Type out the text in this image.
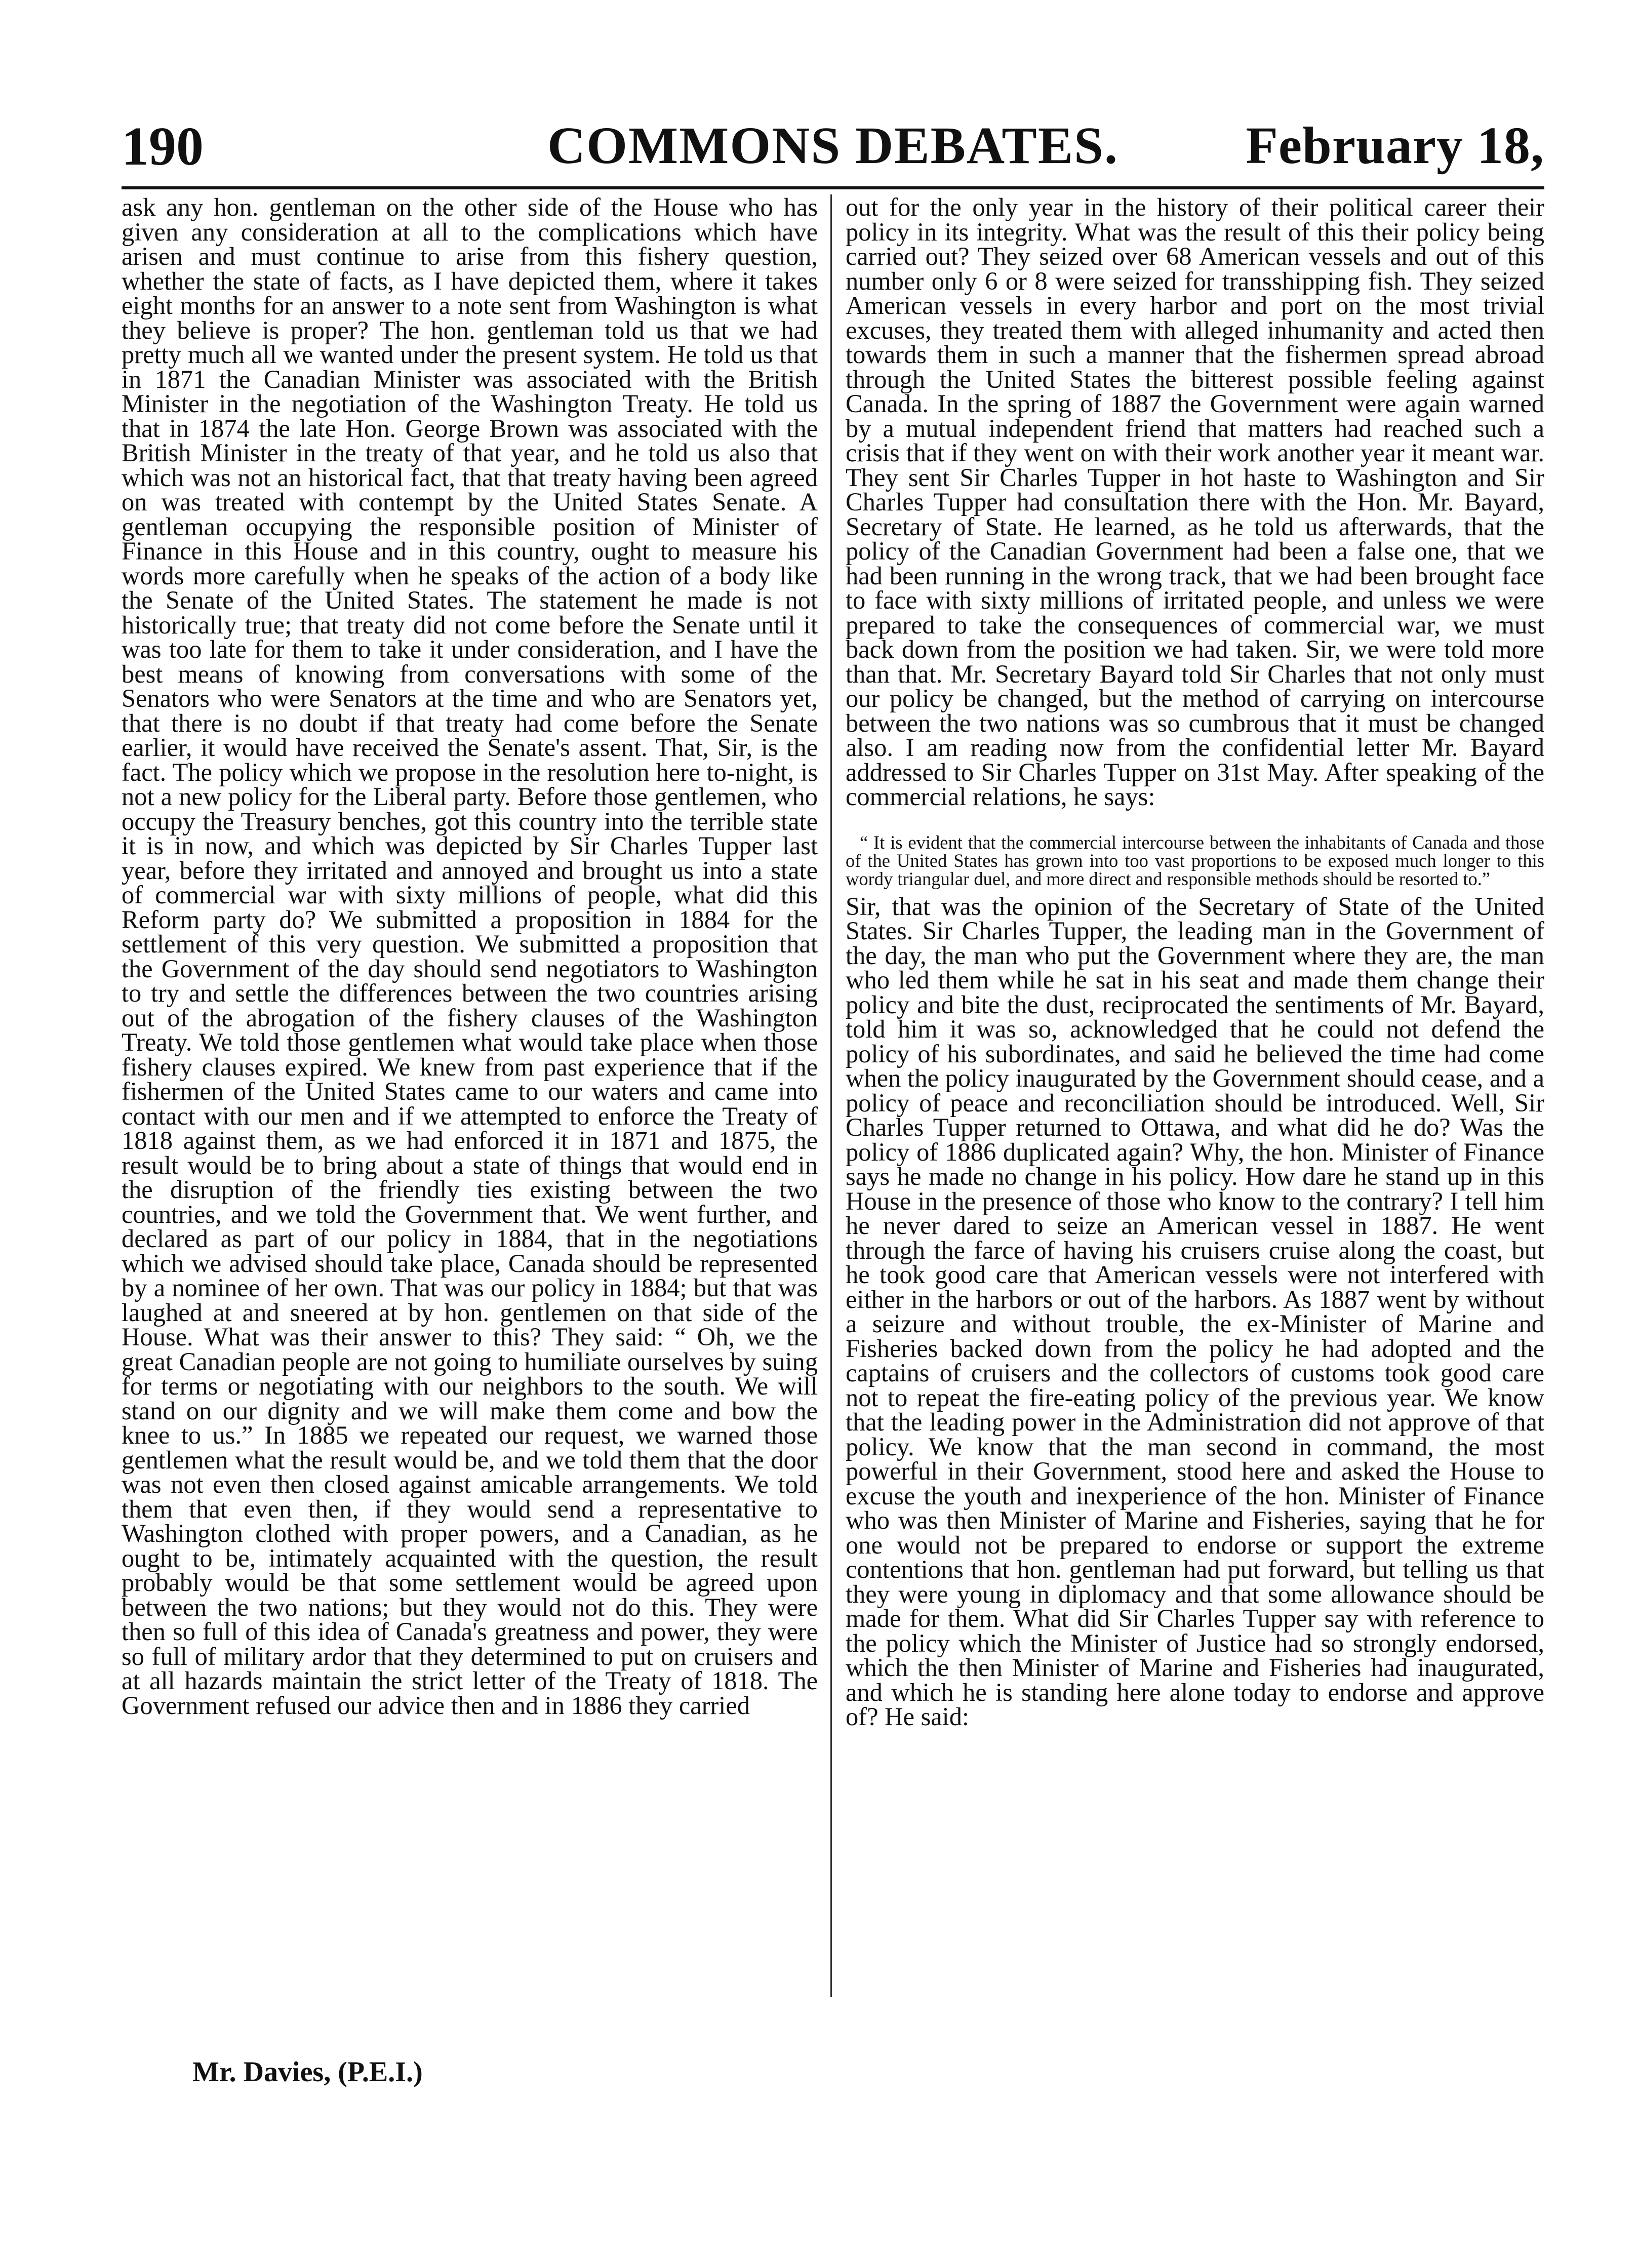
190	COMMONS DEBATES.	February 18,

ask any hon. gentleman on the other side of the House who has given any consideration at all to the complications which have arisen and must continue to arise from this fishery question, whether the state of facts, as I have depicted them, where it takes eight months for an answer to a note sent from Washington is what they believe is proper? The hon. gentleman told us that we had pretty much all we wanted under the present system. He told us that in 1871 the Canadian Minister was associated with the British Minister in the negotiation of the Washington Treaty. He told us that in 1874 the late Hon. George Brown was associated with the British Minister in the treaty of that year, and he told us also that which was not an historical fact, that that treaty having been agreed on was treated with contempt by the United States Senate. A gentleman occupying the responsible position of Minister of Finance in this House and in this country, ought to measure his words more carefully when he speaks of the action of a body like the Senate of the United States. The statement he made is not historically true; that treaty did not come before the Senate until it was too late for them to take it under consideration, and I have the best means of knowing from conversations with some of the Senators who were Senators at the time and who are Senators yet, that there is no doubt if that treaty had come before the Senate earlier, it would have received the Senate's assent. That, Sir, is the fact. The policy which we propose in the resolution here to-night, is not a new policy for the Liberal party. Before those gentlemen, who occupy the Treasury benches, got this country into the terrible state it is in now, and which was depicted by Sir Charles Tupper last year, before they irritated and annoyed and brought us into a state of commercial war with sixty millions of people, what did this Reform party do? We submitted a proposition in 1884 for the settlement of this very question. We submitted a proposition that the Government of the day should send negotiators to Washington to try and settle the differences between the two countries arising out of the abrogation of the fishery clauses of the Washington Treaty. We told those gentlemen what would take place when those fishery clauses expired. We knew from past experience that if the fishermen of the United States came to our waters and came into contact with our men and if we attempted to enforce the Treaty of 1818 against them, as we had enforced it in 1871 and 1875, the result would be to bring about a state of things that would end in the disruption of the friendly ties existing between the two countries, and we told the Government that. We went further, and declared as part of our policy in 1884, that in the negotiations which we advised should take place, Canada should be represented by a nominee of her own. That was our policy in 1884; but that was laughed at and sneered at by hon. gentlemen on that side of the House. What was their answer to this? They said: “ Oh, we the great Canadian people are not going to humiliate ourselves by suing for terms or negotiating with our neighbors to the south. We will stand on our dignity and we will make them come and bow the knee to us.” In 1885 we repeated our request, we warned those gentlemen what the result would be, and we told them that the door was not even then closed against amicable arrangements. We told them that even then, if they would send a representative to Washington clothed with proper powers, and a Canadian, as he ought to be, intimately acquainted with the question, the result probably would be that some settlement would be agreed upon between the two nations; but they would not do this. They were then so full of this idea of Canada's greatness and power, they were so full of military ardor that they determined to put on cruisers and at all hazards maintain the strict letter of the Treaty of 1818. The Government refused our advice then and in 1886 they carried

out for the only year in the history of their political career their policy in its integrity. What was the result of this their policy being carried out? They seized over 68 American vessels and out of this number only 6 or 8 were seized for transshipping fish. They seized American vessels in every harbor and port on the most trivial excuses, they treated them with alleged inhumanity and acted then towards them in such a manner that the fishermen spread abroad through the United States the bitterest possible feeling against Canada. In the spring of 1887 the Government were again warned by a mutual independent friend that matters had reached such a crisis that if they went on with their work another year it meant war. They sent Sir Charles Tupper in hot haste to Washington and Sir Charles Tupper had consultation there with the Hon. Mr. Bayard, Secretary of State. He learned, as he told us afterwards, that the policy of the Canadian Government had been a false one, that we had been running in the wrong track, that we had been brought face to face with sixty millions of irritated people, and unless we were prepared to take the consequences of commercial war, we must back down from the position we had taken. Sir, we were told more than that. Mr. Secretary Bayard told Sir Charles that not only must our policy be changed, but the method of carrying on intercourse between the two nations was so cumbrous that it must be changed also. I am reading now from the confidential letter Mr. Bayard addressed to Sir Charles Tupper on 31st May. After speaking of the commercial relations, he says:

“ It is evident that the commercial intercourse between the inhabitants of Canada and those of the United States has grown into too vast proportions to be exposed much longer to this wordy triangular duel, and more direct and responsible methods should be resorted to.”

Sir, that was the opinion of the Secretary of State of the United States. Sir Charles Tupper, the leading man in the Government of the day, the man who put the Government where they are, the man who led them while he sat in his seat and made them change their policy and bite the dust, reciprocated the sentiments of Mr. Bayard, told him it was so, acknowledged that he could not defend the policy of his subordinates, and said he believed the time had come when the policy inaugurated by the Government should cease, and a policy of peace and reconciliation should be introduced. Well, Sir Charles Tupper returned to Ottawa, and what did he do? Was the policy of 1886 duplicated again? Why, the hon. Minister of Finance says he made no change in his policy. How dare he stand up in this House in the presence of those who know to the contrary? I tell him he never dared to seize an American vessel in 1887. He went through the farce of having his cruisers cruise along the coast, but he took good care that American vessels were not interfered with either in the harbors or out of the harbors. As 1887 went by without a seizure and without trouble, the ex-Minister of Marine and Fisheries backed down from the policy he had adopted and the captains of cruisers and the collectors of customs took good care not to repeat the fire-eating policy of the previous year. We know that the leading power in the Administration did not approve of that policy. We know that the man second in command, the most powerful in their Government, stood here and asked the House to excuse the youth and inexperience of the hon. Minister of Finance who was then Minister of Marine and Fisheries, saying that he for one would not be prepared to endorse or support the extreme contentions that hon. gentleman had put forward, but telling us that they were young in diplomacy and that some allowance should be made for them. What did Sir Charles Tupper say with reference to the policy which the Minister of Justice had so strongly endorsed, which the then Minister of Marine and Fisheries had inaugurated, and which he is standing here alone today to endorse and approve of? He said:

Mr. Davies, (P.E.I.)
